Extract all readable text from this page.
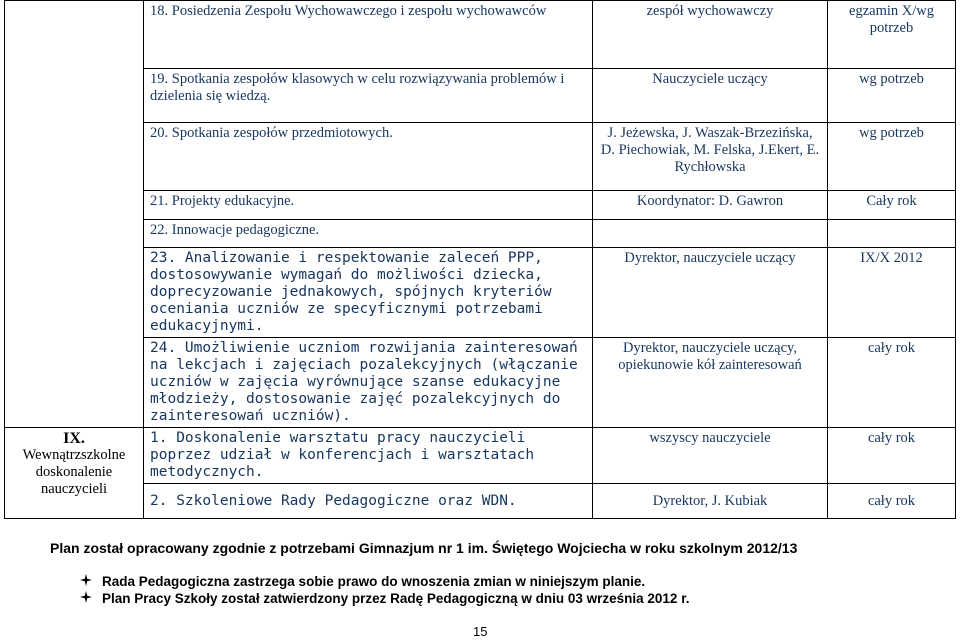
	18. Posiedzenia Zespołu Wychowawczego i zespołu wychowawców	zespół wychowawczy	egzamin X/wg potrzeb
	19. Spotkania zespołów klasowych w celu rozwiązywania problemów i dzielenia się wiedzą.	Nauczyciele uczący	wg potrzeb
	20. Spotkania zespołów przedmiotowych.	J. Jeżewska, J. Waszak-Brzezińska, D. Piechowiak, M. Felska, J.Ekert, E. Rychłowska	wg potrzeb
	21. Projekty edukacyjne.	Koordynator: D. Gawron	Cały rok
	22. Innowacje pedagogiczne.		
	23. Analizowanie i respektowanie zaleceń PPP, dostosowywanie wymagań do możliwości dziecka, doprecyzowanie jednakowych, spójnych kryteriów oceniania uczniów ze specyficznymi potrzebami edukacyjnymi.	Dyrektor, nauczyciele uczący	IX/X 2012
	24. Umożliwienie uczniom rozwijania zainteresowań na lekcjach i zajęciach pozalekcyjnych (włączanie uczniów w zajęcia wyrównujące szanse edukacyjne młodzieży, dostosowanie zajęć pozalekcyjnych do zainteresowań uczniów).	Dyrektor, nauczyciele uczący, opiekunowie kół zainteresowań	cały rok

IX.
Wewnątrzszkolne doskonalenie nauczycieli	1. Doskonalenie warsztatu pracy nauczycieli poprzez udział w konferencjach i warsztatach metodycznych.	wszyscy nauczyciele	cały rok
	2. Szkoleniowe Rady Pedagogiczne oraz WDN.	Dyrektor, J. Kubiak	cały rok
Plan został opracowany zgodnie z potrzebami Gimnazjum nr 1 im. Świętego Wojciecha w roku szkolnym 2012/13
Rada Pedagogiczna zastrzega sobie prawo do wnoszenia zmian w niniejszym planie.
Plan Pracy Szkoły został zatwierdzony przez Radę Pedagogiczną w dniu 03 września 2012 r.
15
